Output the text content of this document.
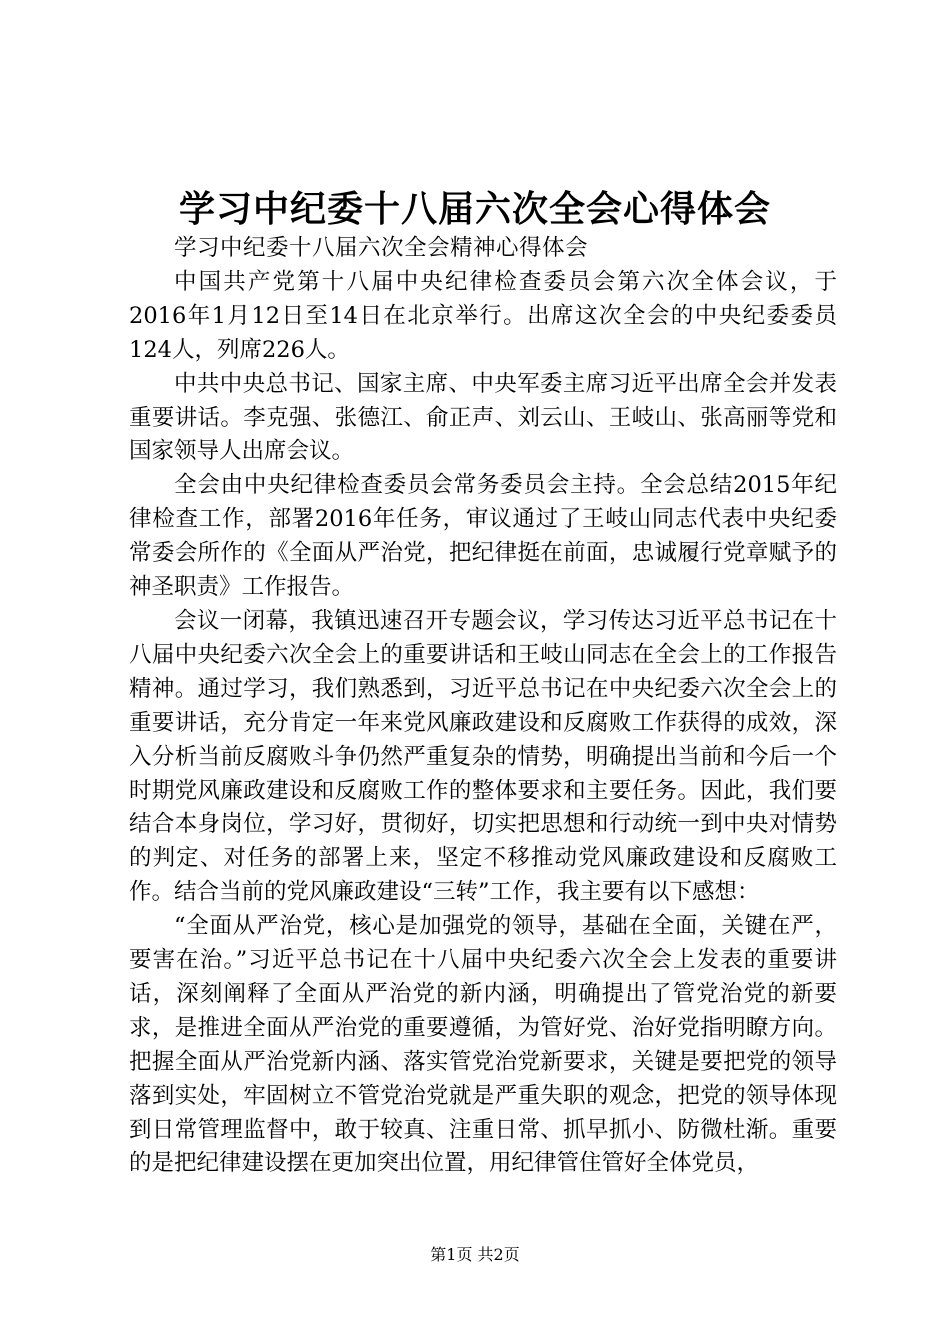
学习中纪委十八届六次全会心得体会

学习中纪委十八届六次全会精神心得体会

中国共产党第十八届中央纪律检查委员会第六次全体会议，于2016年1月12日至14日在北京举行。出席这次全会的中央纪委委员124人，列席226人。

中共中央总书记、国家主席、中央军委主席习近平出席全会并发表重要讲话。李克强、张德江、俞正声、刘云山、王岐山、张高丽等党和国家领导人出席会议。

全会由中央纪律检查委员会常务委员会主持。全会总结2015年纪律检查工作，部署2016年任务，审议通过了王岐山同志代表中央纪委常委会所作的《全面从严治党，把纪律挺在前面，忠诚履行党章赋予的神圣职责》工作报告。

会议一闭幕，我镇迅速召开专题会议，学习传达习近平总书记在十八届中央纪委六次全会上的重要讲话和王岐山同志在全会上的工作报告精神。通过学习，我们熟悉到，习近平总书记在中央纪委六次全会上的重要讲话，充分肯定一年来党风廉政建设和反腐败工作获得的成效，深入分析当前反腐败斗争仍然严重复杂的情势，明确提出当前和今后一个时期党风廉政建设和反腐败工作的整体要求和主要任务。因此，我们要结合本身岗位，学习好，贯彻好，切实把思想和行动统一到中央对情势的判定、对任务的部署上来，坚定不移推动党风廉政建设和反腐败工作。结合当前的党风廉政建设“三转”工作，我主要有以下感想：

“全面从严治党，核心是加强党的领导，基础在全面，关键在严，要害在治。”习近平总书记在十八届中央纪委六次全会上发表的重要讲话，深刻阐释了全面从严治党的新内涵，明确提出了管党治党的新要求，是推进全面从严治党的重要遵循，为管好党、治好党指明瞭方向。把握全面从严治党新内涵、落实管党治党新要求，关键是要把党的领导落到实处，牢固树立不管党治党就是严重失职的观念，把党的领导体现到日常管理监督中，敢于较真、注重日常、抓早抓小、防微杜渐。重要的是把纪律建设摆在更加突出位置，用纪律管住管好全体党员，

第1页 共2页
